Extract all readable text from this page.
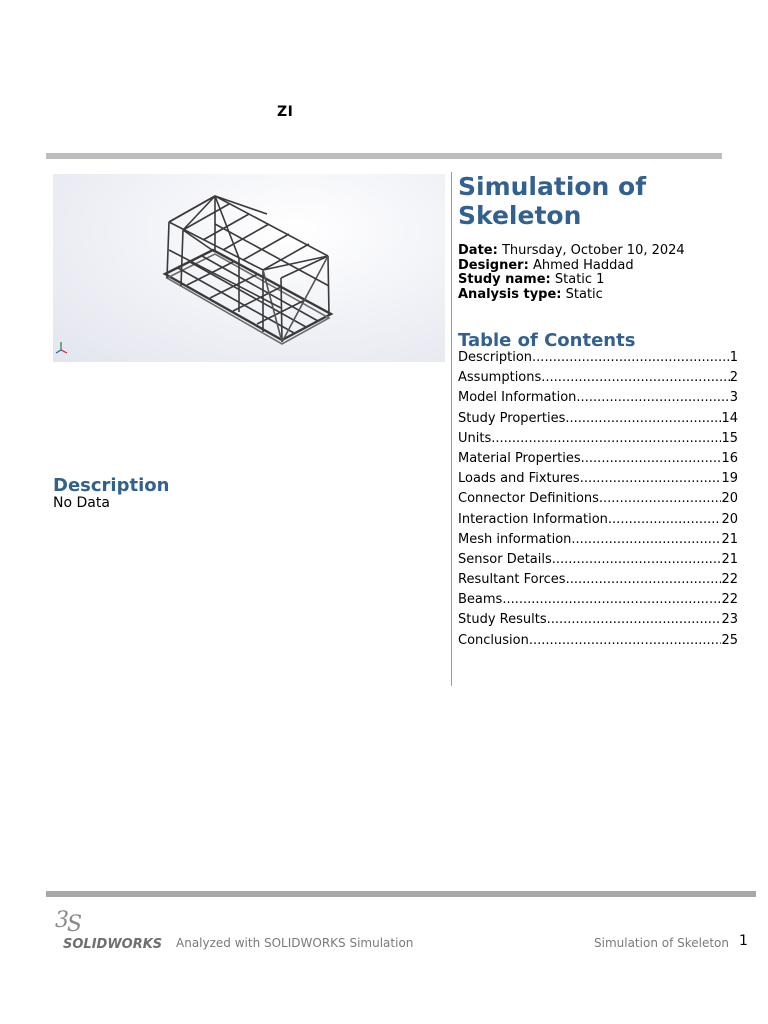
ZI
Simulation of Skeleton
Date: Thursday, October 10, 2024
Designer: Ahmed Haddad
Study name: Static 1
Analysis type: Static
Table of Contents
Description .....	1
Assumptions .....	2
Model Information .....	3
Study Properties .....	14
Units .....	15
Material Properties .....	16
Loads and Fixtures .....	19
Connector Definitions .....	20
Interaction Information .....	20
Mesh information .....	21
Sensor Details .....	21
Resultant Forces .....	22
Beams .....	22
Study Results .....	23
Conclusion .....	25
Description
No Data
3
S
SOLIDWORKS Analyzed with SOLIDWORKS Simulation	Simulation of Skeleton 1
